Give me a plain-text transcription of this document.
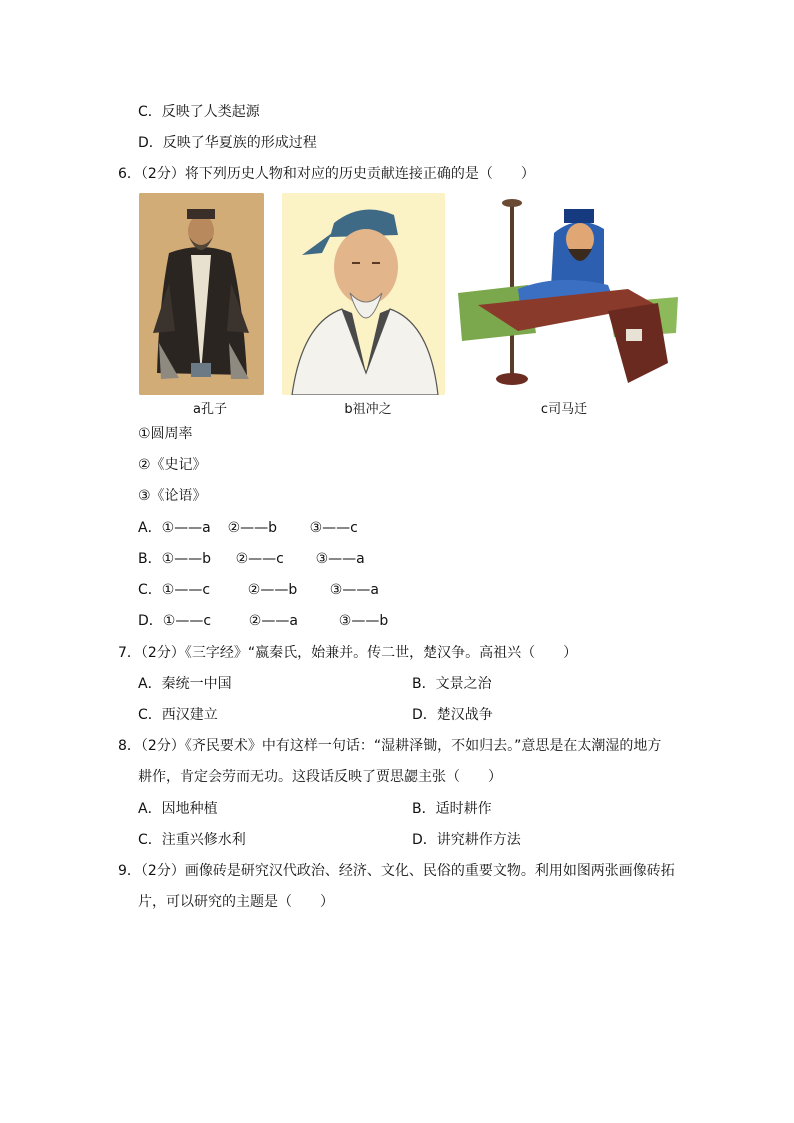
C．反映了人类起源
D．反映了华夏族的形成过程
6．（2分）将下列历史人物和对应的历史贡献连接正确的是（　　）
a孔子	b祖冲之	c司马迁
①圆周率
②《史记》
③《论语》
A．①——a ②——b ③——c
B．①——b ②——c ③——a
C．①——c	②——b ③——a
D．①——c	②——a	③——b
7．（2分）《三字经》“嬴秦氏，始兼并。传二世，楚汉争。高祖兴（　　）
A．秦统一中国	B．文景之治
C．西汉建立	D．楚汉战争
8．（2分）《齐民要术》中有这样一句话：“湿耕泽锄，不如归去。”意思是在太潮湿的地方
耕作，肯定会劳而无功。这段话反映了贾思勰主张（　　）
A．因地种植	B．适时耕作
C．注重兴修水利	D．讲究耕作方法
9．（2分）画像砖是研究汉代政治、经济、文化、民俗的重要文物。利用如图两张画像砖拓
片，可以研究的主题是（　　）
